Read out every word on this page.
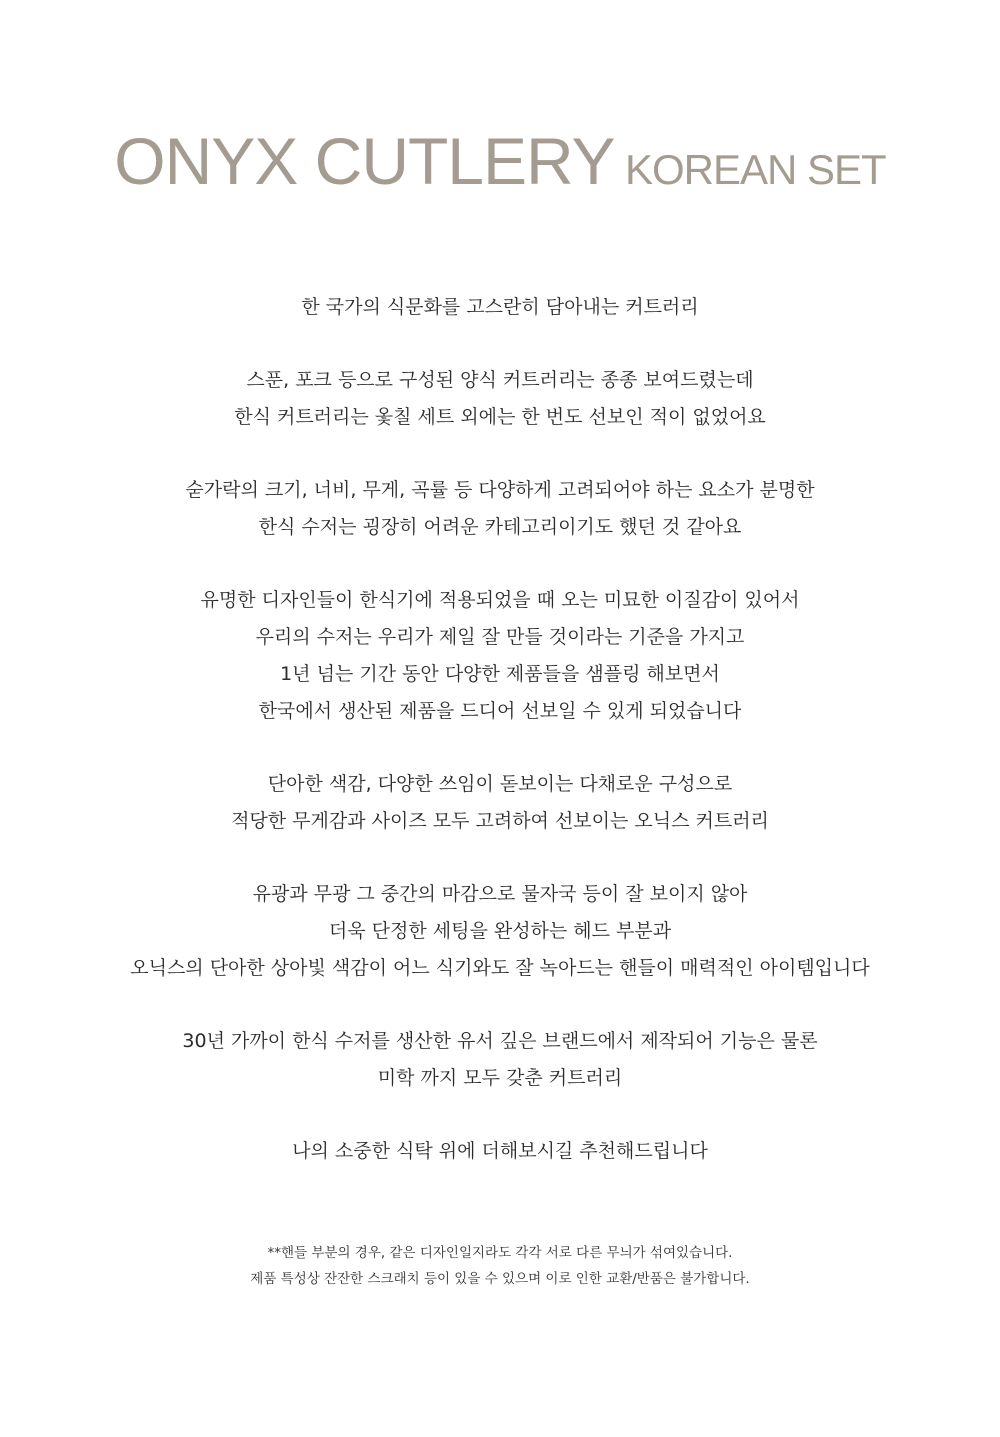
ONYX CUTLERY KOREAN SET
한 국가의 식문화를 고스란히 담아내는 커트러리
스푼, 포크 등으로 구성된 양식 커트러리는 종종 보여드렸는데
한식 커트러리는 옻칠 세트 외에는 한 번도 선보인 적이 없었어요
숟가락의 크기, 너비, 무게, 곡률 등 다양하게 고려되어야 하는 요소가 분명한
한식 수저는 굉장히 어려운 카테고리이기도 했던 것 같아요
유명한 디자인들이 한식기에 적용되었을 때 오는 미묘한 이질감이 있어서
우리의 수저는 우리가 제일 잘 만들 것이라는 기준을 가지고
1년 넘는 기간 동안 다양한 제품들을 샘플링 해보면서
한국에서 생산된 제품을 드디어 선보일 수 있게 되었습니다
단아한 색감, 다양한 쓰임이 돋보이는 다채로운 구성으로
적당한 무게감과 사이즈 모두 고려하여 선보이는 오닉스 커트러리
유광과 무광 그 중간의 마감으로 물자국 등이 잘 보이지 않아
더욱 단정한 세팅을 완성하는 헤드 부분과
오닉스의 단아한 상아빛 색감이 어느 식기와도 잘 녹아드는 핸들이 매력적인 아이템입니다
30년 가까이 한식 수저를 생산한 유서 깊은 브랜드에서 제작되어 기능은 물론
미학 까지 모두 갖춘 커트러리
나의 소중한 식탁 위에 더해보시길 추천해드립니다
**핸들 부분의 경우, 같은 디자인일지라도 각각 서로 다른 무늬가 섞여있습니다.
제품 특성상 잔잔한 스크래치 등이 있을 수 있으며 이로 인한 교환/반품은 불가합니다.
